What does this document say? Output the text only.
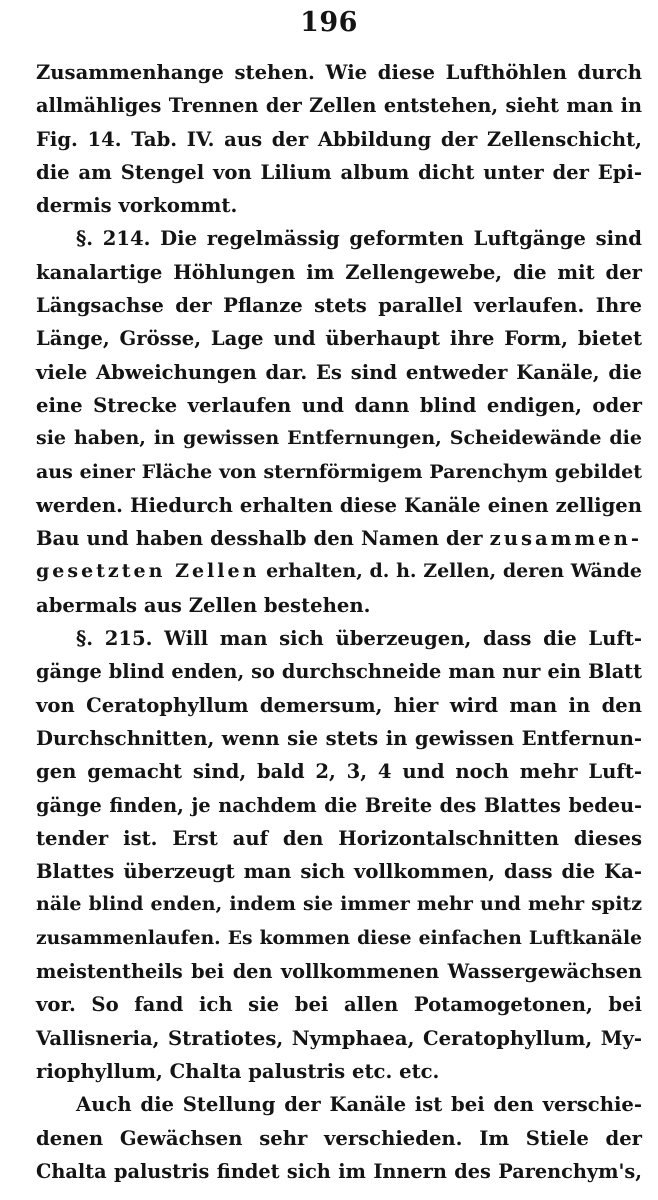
196
Zusammenhange stehen. Wie diese Lufthöhlen durch
allmähliges Trennen der Zellen entstehen, sieht man in
Fig. 14. Tab. IV. aus der Abbildung der Zellenschicht,
die am Stengel von Lilium album dicht unter der Epi-
dermis vorkommt.
§. 214. Die regelmässig geformten Luftgänge sind
kanalartige Höhlungen im Zellengewebe, die mit der
Längsachse der Pflanze stets parallel verlaufen. Ihre
Länge, Grösse, Lage und überhaupt ihre Form, bietet
viele Abweichungen dar. Es sind entweder Kanäle, die
eine Strecke verlaufen und dann blind endigen, oder
sie haben, in gewissen Entfernungen, Scheidewände die
aus einer Fläche von sternförmigem Parenchym gebildet
werden. Hiedurch erhalten diese Kanäle einen zelligen
Bau und haben desshalb den Namen der zusammen-
gesetzten Zellen erhalten, d. h. Zellen, deren Wände
abermals aus Zellen bestehen.
§. 215. Will man sich überzeugen, dass die Luft-
gänge blind enden, so durchschneide man nur ein Blatt
von Ceratophyllum demersum, hier wird man in den
Durchschnitten, wenn sie stets in gewissen Entfernun-
gen gemacht sind, bald 2, 3, 4 und noch mehr Luft-
gänge finden, je nachdem die Breite des Blattes bedeu-
tender ist. Erst auf den Horizontalschnitten dieses
Blattes überzeugt man sich vollkommen, dass die Ka-
näle blind enden, indem sie immer mehr und mehr spitz
zusammenlaufen. Es kommen diese einfachen Luftkanäle
meistentheils bei den vollkommenen Wassergewächsen
vor. So fand ich sie bei allen Potamogetonen, bei
Vallisneria, Stratiotes, Nymphaea, Ceratophyllum, My-
riophyllum, Chalta palustris etc. etc.
Auch die Stellung der Kanäle ist bei den verschie-
denen Gewächsen sehr verschieden. Im Stiele der
Chalta palustris findet sich im Innern des Parenchym's,
